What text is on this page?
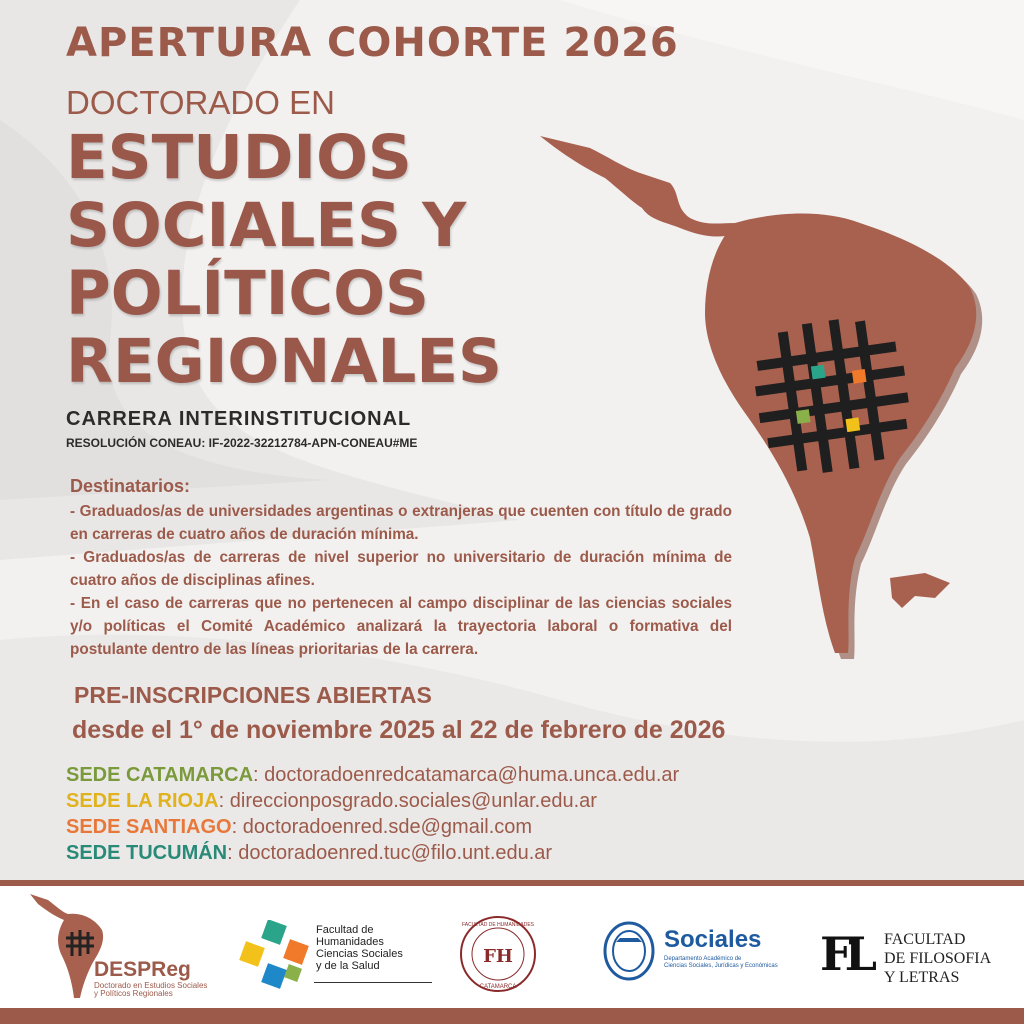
APERTURA COHORTE 2026
DOCTORADO EN
ESTUDIOS
SOCIALES Y
POLÍTICOS
REGIONALES
CARRERA INTERINSTITUCIONAL
RESOLUCIÓN CONEAU: IF-2022-32212784-APN-CONEAU#ME
Destinatarios:
- Graduados/as de universidades argentinas o extranjeras que cuenten con título de grado en carreras de cuatro años de duración mínima.
- Graduados/as de carreras de nivel superior no universitario de duración mínima de cuatro años de disciplinas afines.
- En el caso de carreras que no pertenecen al campo disciplinar de las ciencias sociales y/o políticas el Comité Académico analizará la trayectoria laboral o formativa del postulante dentro de las líneas prioritarias de la carrera.
PRE-INSCRIPCIONES ABIERTAS
desde el 1° de noviembre 2025 al 22 de febrero de 2026
SEDE CATAMARCA: doctoradoenredcatamarca@huma.unca.edu.ar
SEDE LA RIOJA: direccionposgrado.sociales@unlar.edu.ar
SEDE SANTIAGO: doctoradoenred.sde@gmail.com
SEDE TUCUMÁN: doctoradoenred.tuc@filo.unt.edu.ar
DESPReg
Doctorado en Estudios Sociales
y Políticos Regionales
Facultad de
Humanidades
Ciencias Sociales
y de la Salud	FH
FACULTAD DE HUMANIDADES
CATAMARCA
Sociales
Departamento Académico de
Ciencias Sociales, Jurídicas y Económicas FL FACULTAD
DE FILOSOFIA
Y LETRAS
